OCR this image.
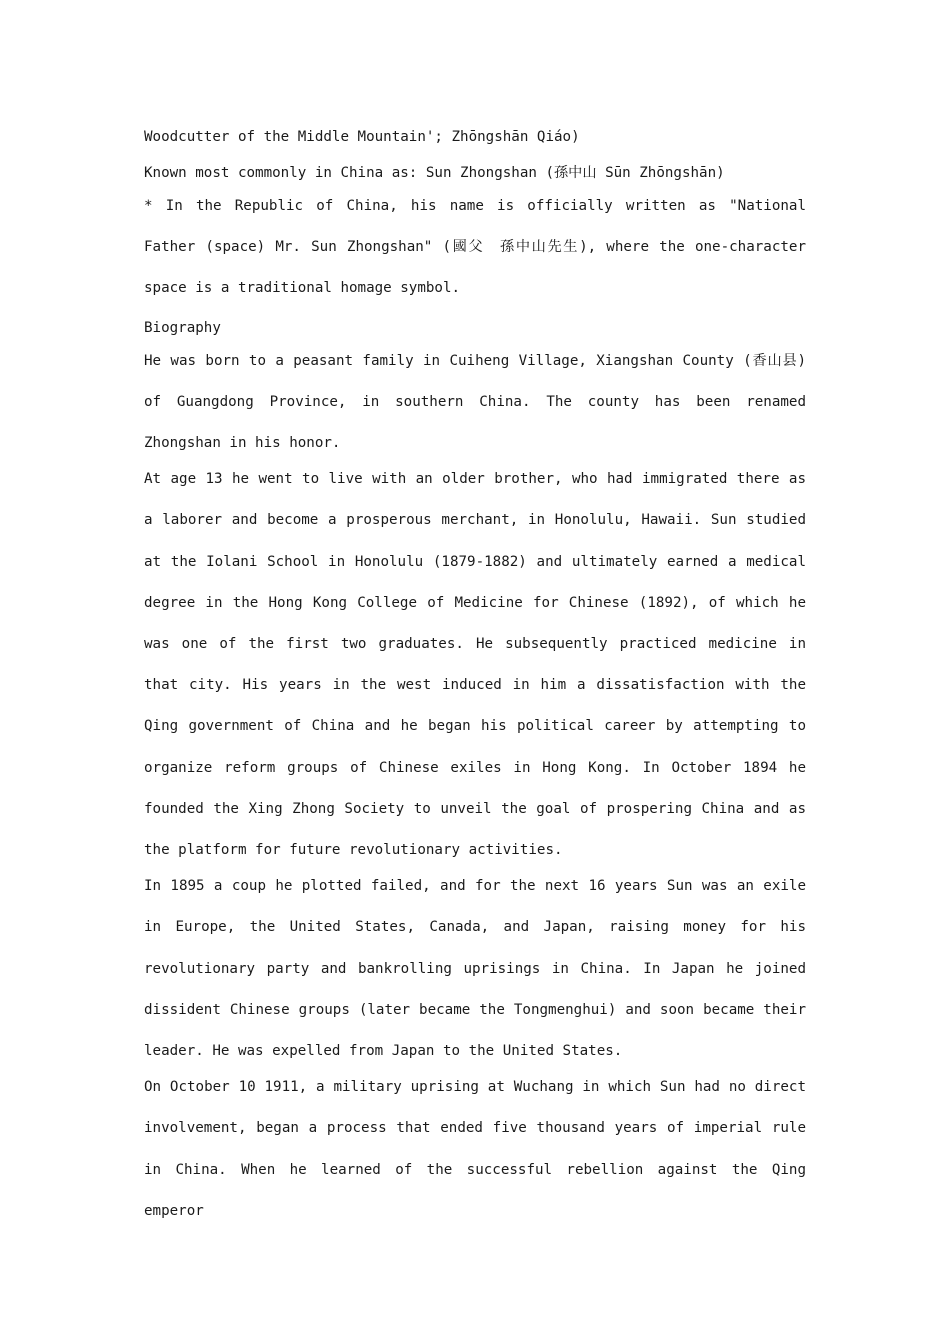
Woodcutter of the Middle Mountain'; Zhōngshān Qiáo)

Known most commonly in China as: Sun Zhongshan (孫中山 Sūn Zhōngshān)

* In the Republic of China, his name is officially written as "National Father (space) Mr. Sun Zhongshan" (國父　孫中山先生), where the one-character space is a traditional homage symbol.

Biography

He was born to a peasant family in Cuiheng Village, Xiangshan County (香山县) of Guangdong Province, in southern China. The county has been renamed Zhongshan in his honor.

At age 13 he went to live with an older brother, who had immigrated there as a laborer and become a prosperous merchant, in Honolulu, Hawaii. Sun studied at the Iolani School in Honolulu (1879-1882) and ultimately earned a medical degree in the Hong Kong College of Medicine for Chinese (1892), of which he was one of the first two graduates. He subsequently practiced medicine in that city. His years in the west induced in him a dissatisfaction with the Qing government of China and he began his political career by attempting to organize reform groups of Chinese exiles in Hong Kong. In October 1894 he founded the Xing Zhong Society to unveil the goal of prospering China and as the platform for future revolutionary activities.

In 1895 a coup he plotted failed, and for the next 16 years Sun was an exile in Europe, the United States, Canada, and Japan, raising money for his revolutionary party and bankrolling uprisings in China. In Japan he joined dissident Chinese groups (later became the Tongmenghui) and soon became their leader. He was expelled from Japan to the United States.

On October 10 1911, a military uprising at Wuchang in which Sun had no direct involvement, began a process that ended five thousand years of imperial rule in China. When he learned of the successful rebellion against the Qing emperor
